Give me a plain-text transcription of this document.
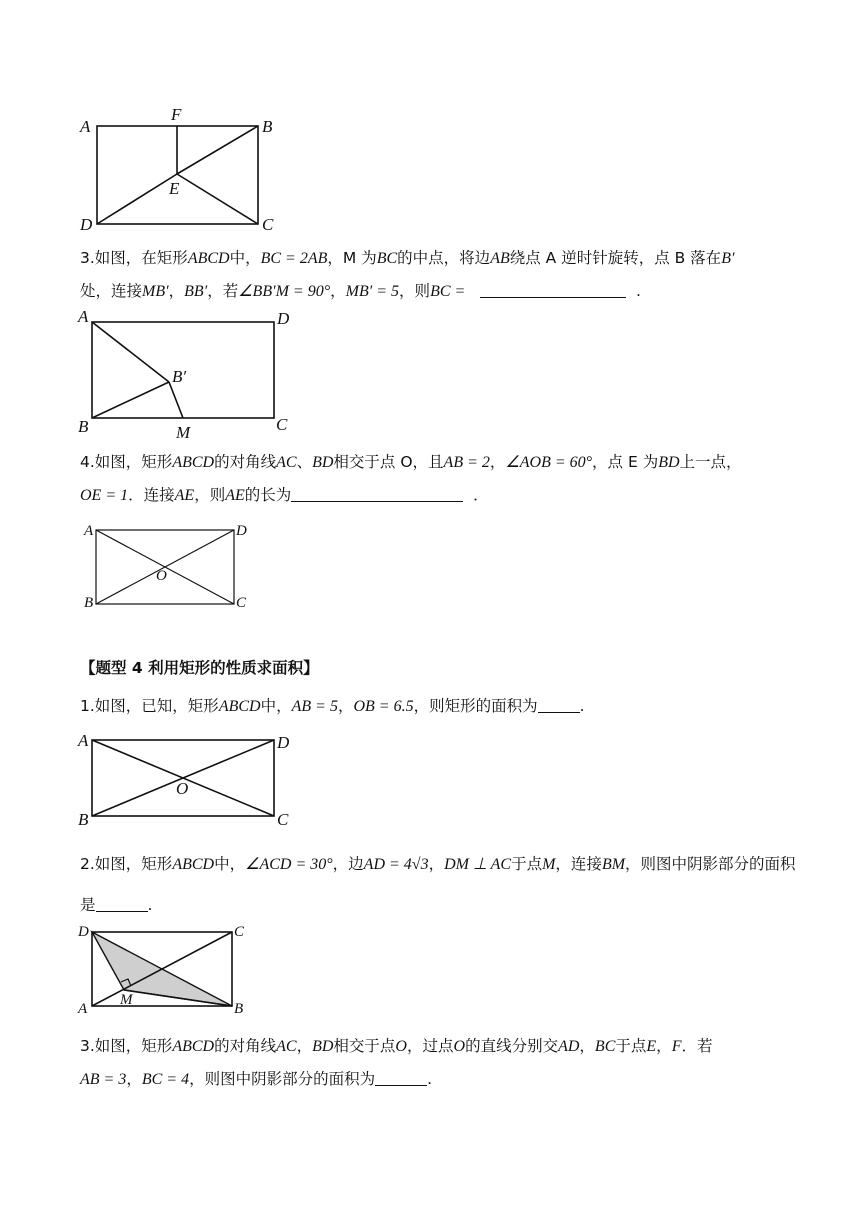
A
F
B
E
D	C
3.如图，在矩形ABCD中，BC = 2AB，M 为BC的中点，将边AB绕点 A 逆时针旋转，点 B 落在B′
处，连接MB′，BB′，若∠BB′M = 90°，MB′ = 5，则BC =	.
A	D
B′
B	M	C
4.如图，矩形ABCD的对角线AC、BD相交于点 O，且AB = 2，∠AOB = 60°，点 E 为BD上一点，
OE = 1．连接AE，则AE的长为	．
A	D
O
B	C
【题型 4 利用矩形的性质求面积】
1.如图，已知，矩形ABCD中，AB = 5，OB = 6.5，则矩形的面积为	.
A	D
O
B	C
2.如图，矩形ABCD中，∠ACD = 30°，边AD = 4√3，DM ⊥ AC于点M，连接BM，则图中阴影部分的面积是	.
D	C
M
A	B
3.如图，矩形ABCD的对角线AC，BD相交于点O，过点O的直线分别交AD，BC于点E，F．若
AB = 3，BC = 4，则图中阴影部分的面积为	.
